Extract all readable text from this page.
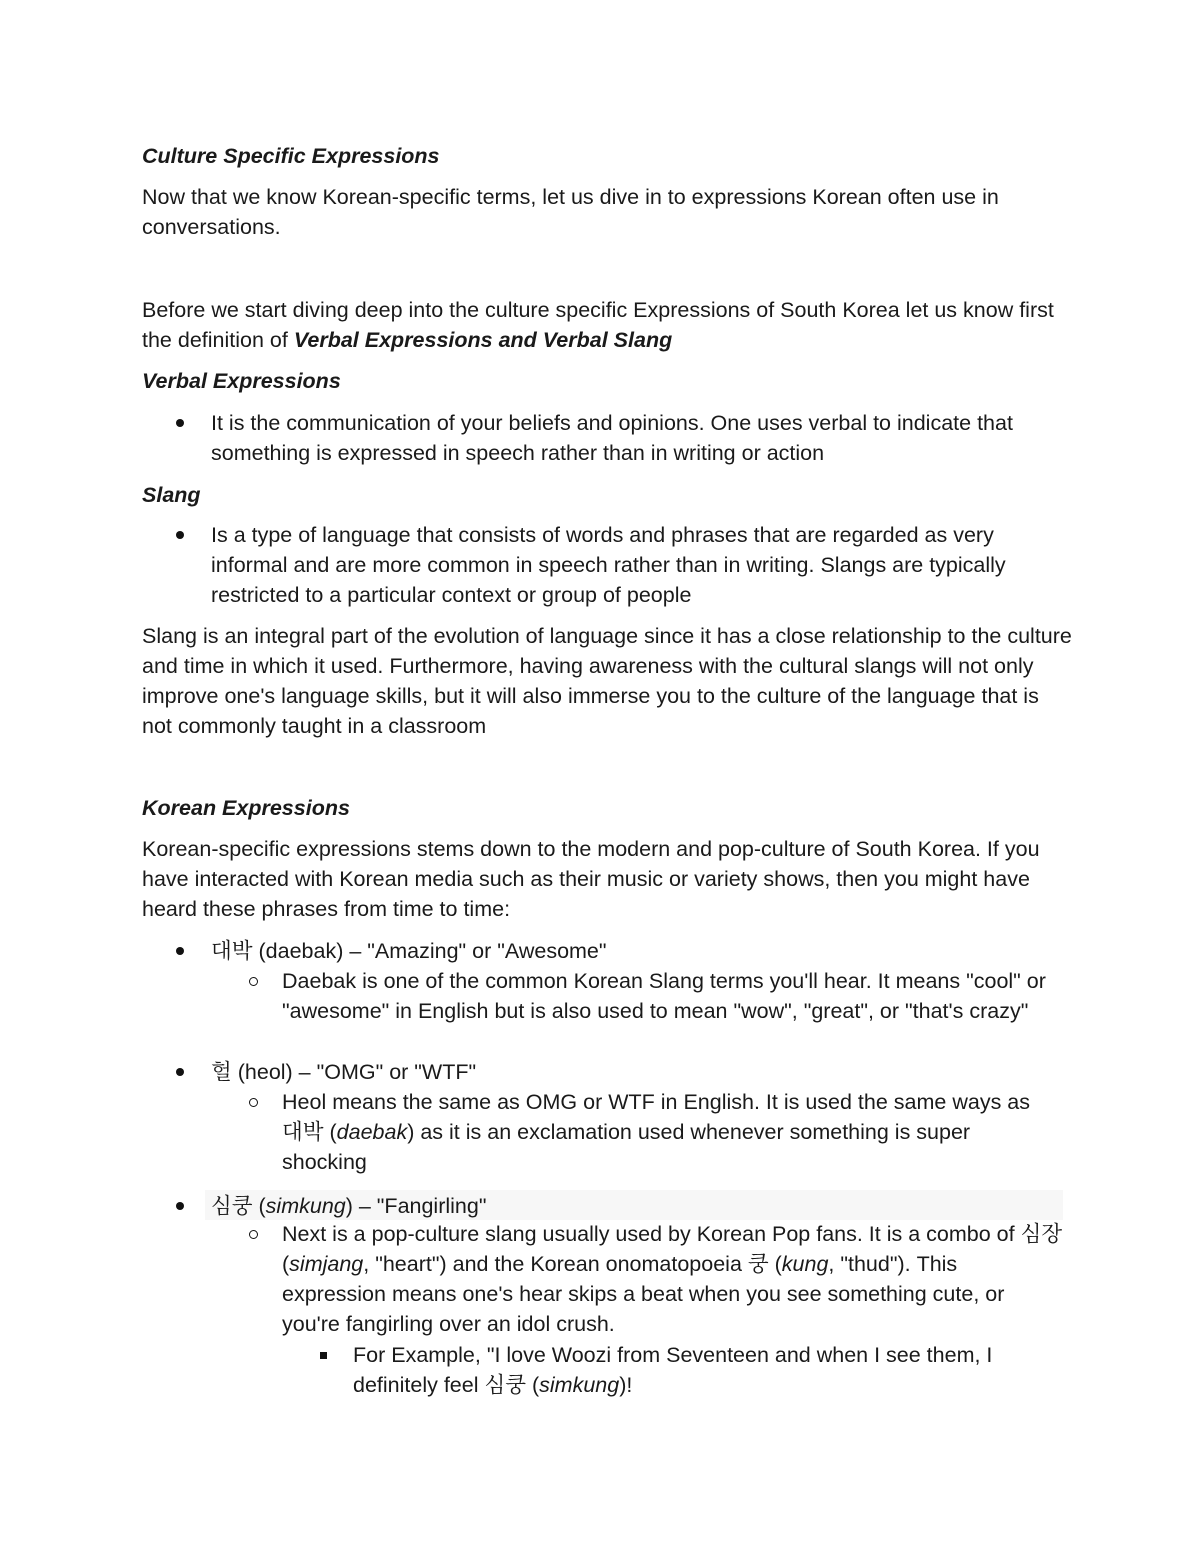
Culture Specific Expressions

Now that we know Korean-specific terms, let us dive in to expressions Korean often use in conversations.

Before we start diving deep into the culture specific Expressions of South Korea let us know first the definition of Verbal Expressions and Verbal Slang

Verbal Expressions

It is the communication of your beliefs and opinions. One uses verbal to indicate that something is expressed in speech rather than in writing or action

Slang

Is a type of language that consists of words and phrases that are regarded as very informal and are more common in speech rather than in writing. Slangs are typically restricted to a particular context or group of people

Slang is an integral part of the evolution of language since it has a close relationship to the culture and time in which it used. Furthermore, having awareness with the cultural slangs will not only improve one's language skills, but it will also immerse you to the culture of the language that is not commonly taught in a classroom

Korean Expressions

Korean-specific expressions stems down to the modern and pop-culture of South Korea. If you have interacted with Korean media such as their music or variety shows, then you might have heard these phrases from time to time:

대박 (daebak) – "Amazing" or "Awesome"

Daebak is one of the common Korean Slang terms you'll hear. It means "cool" or "awesome" in English but is also used to mean "wow", "great", or "that's crazy"

헐 (heol) – "OMG" or "WTF"

Heol means the same as OMG or WTF in English. It is used the same ways as 대박 (daebak) as it is an exclamation used whenever something is super shocking

심쿵 (simkung) – "Fangirling"

Next is a pop-culture slang usually used by Korean Pop fans. It is a combo of 심장 (simjang, "heart") and the Korean onomatopoeia 쿵 (kung, "thud"). This expression means one's hear skips a beat when you see something cute, or you're fangirling over an idol crush.

For Example, "I love Woozi from Seventeen and when I see them, I definitely feel 심쿵 (simkung)!
